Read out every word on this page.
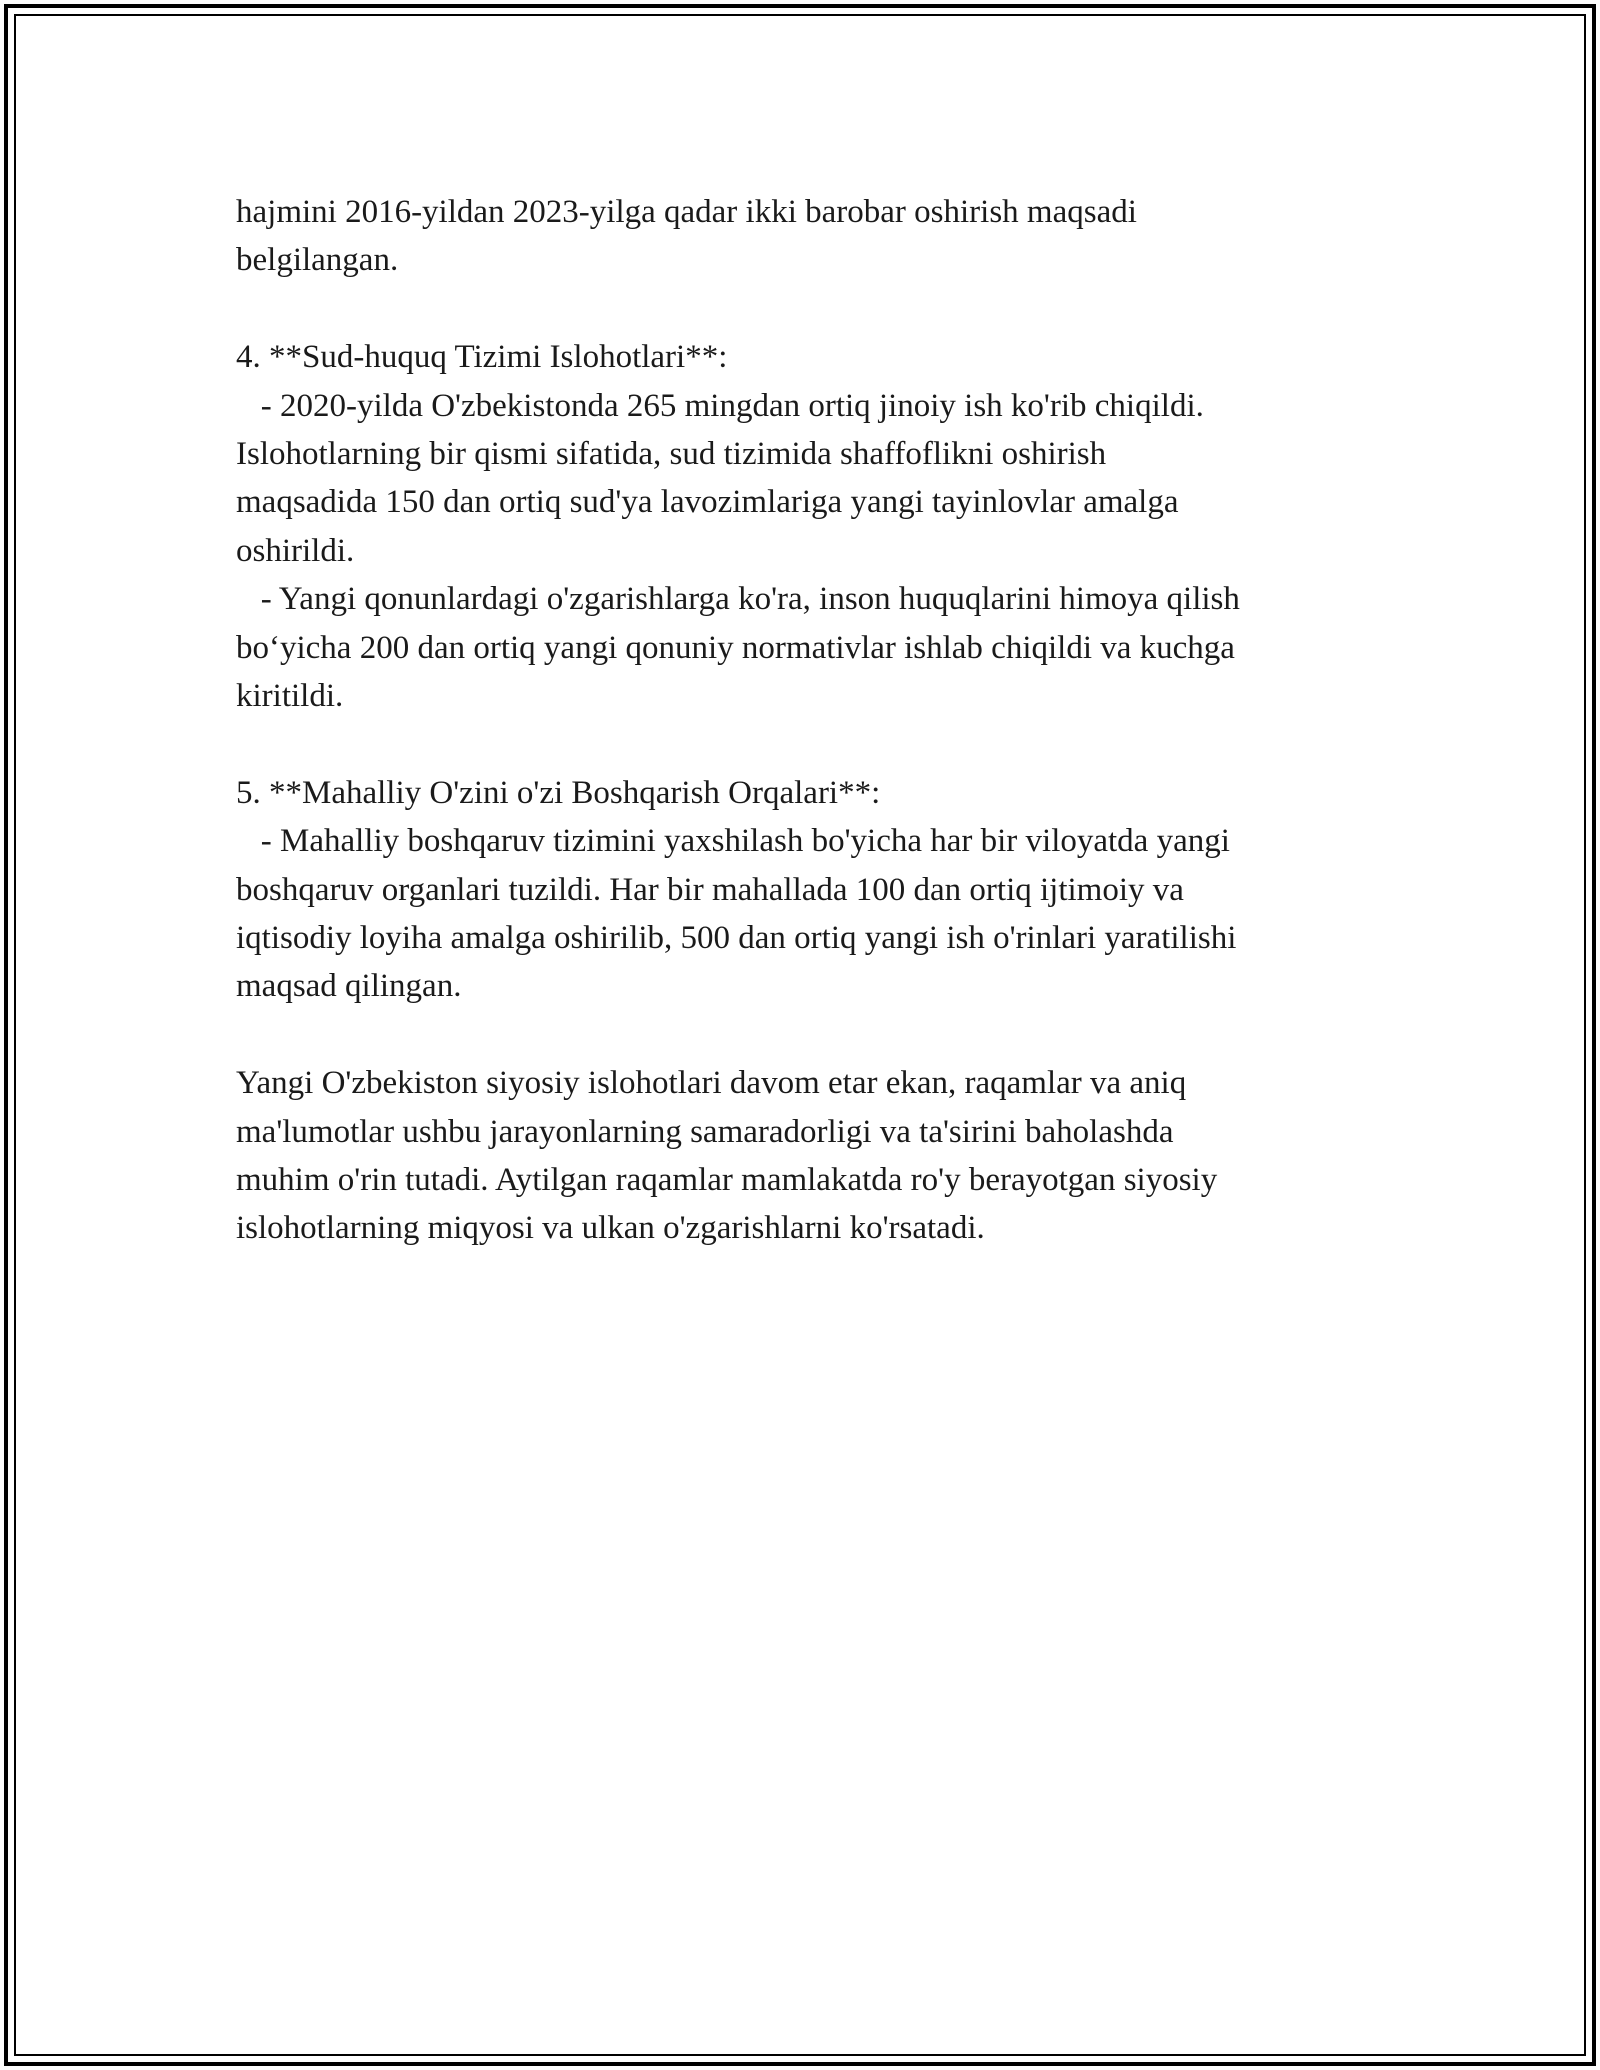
hajmini 2016-yildan 2023-yilga qadar ikki barobar oshirish maqsadi
belgilangan.
4. **Sud-huquq Tizimi Islohotlari**:
- 2020-yilda O'zbekistonda 265 mingdan ortiq jinoiy ish ko'rib chiqildi.
Islohotlarning bir qismi sifatida, sud tizimida shaffoflikni oshirish
maqsadida 150 dan ortiq sud'ya lavozimlariga yangi tayinlovlar amalga
oshirildi.
- Yangi qonunlardagi o'zgarishlarga ko'ra, inson huquqlarini himoya qilish
bo‘yicha 200 dan ortiq yangi qonuniy normativlar ishlab chiqildi va kuchga
kiritildi.
5. **Mahalliy O'zini o'zi Boshqarish Orqalari**:
- Mahalliy boshqaruv tizimini yaxshilash bo'yicha har bir viloyatda yangi
boshqaruv organlari tuzildi. Har bir mahallada 100 dan ortiq ijtimoiy va
iqtisodiy loyiha amalga oshirilib, 500 dan ortiq yangi ish o'rinlari yaratilishi
maqsad qilingan.
Yangi O'zbekiston siyosiy islohotlari davom etar ekan, raqamlar va aniq
ma'lumotlar ushbu jarayonlarning samaradorligi va ta'sirini baholashda
muhim o'rin tutadi. Aytilgan raqamlar mamlakatda ro'y berayotgan siyosiy
islohotlarning miqyosi va ulkan o'zgarishlarni ko'rsatadi.
